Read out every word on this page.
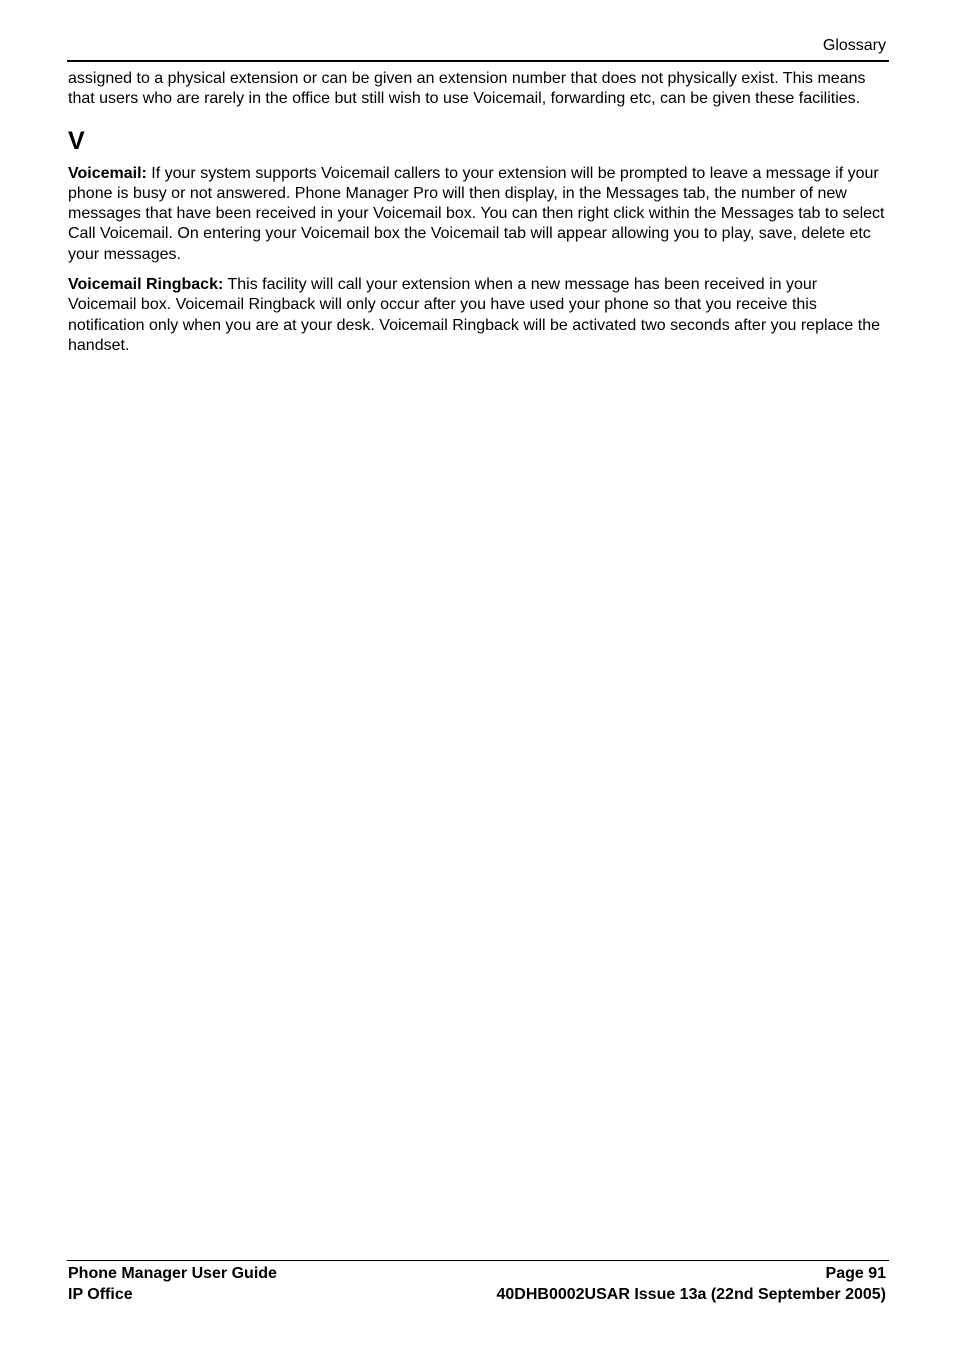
Glossary

assigned to a physical extension or can be given an extension number that does not physically exist. This means that users who are rarely in the office but still wish to use Voicemail, forwarding etc, can be given these facilities.

V

Voicemail: If your system supports Voicemail callers to your extension will be prompted to leave a message if your phone is busy or not answered. Phone Manager Pro will then display, in the Messages tab, the number of new messages that have been received in your Voicemail box. You can then right click within the Messages tab to select Call Voicemail. On entering your Voicemail box the Voicemail tab will appear allowing you to play, save, delete etc your messages.

Voicemail Ringback: This facility will call your extension when a new message has been received in your Voicemail box. Voicemail Ringback will only occur after you have used your phone so that you receive this notification only when you are at your desk. Voicemail Ringback will be activated two seconds after you replace the handset.

Phone Manager User Guide	Page 91
IP Office	40DHB0002USAR Issue 13a (22nd September 2005)
